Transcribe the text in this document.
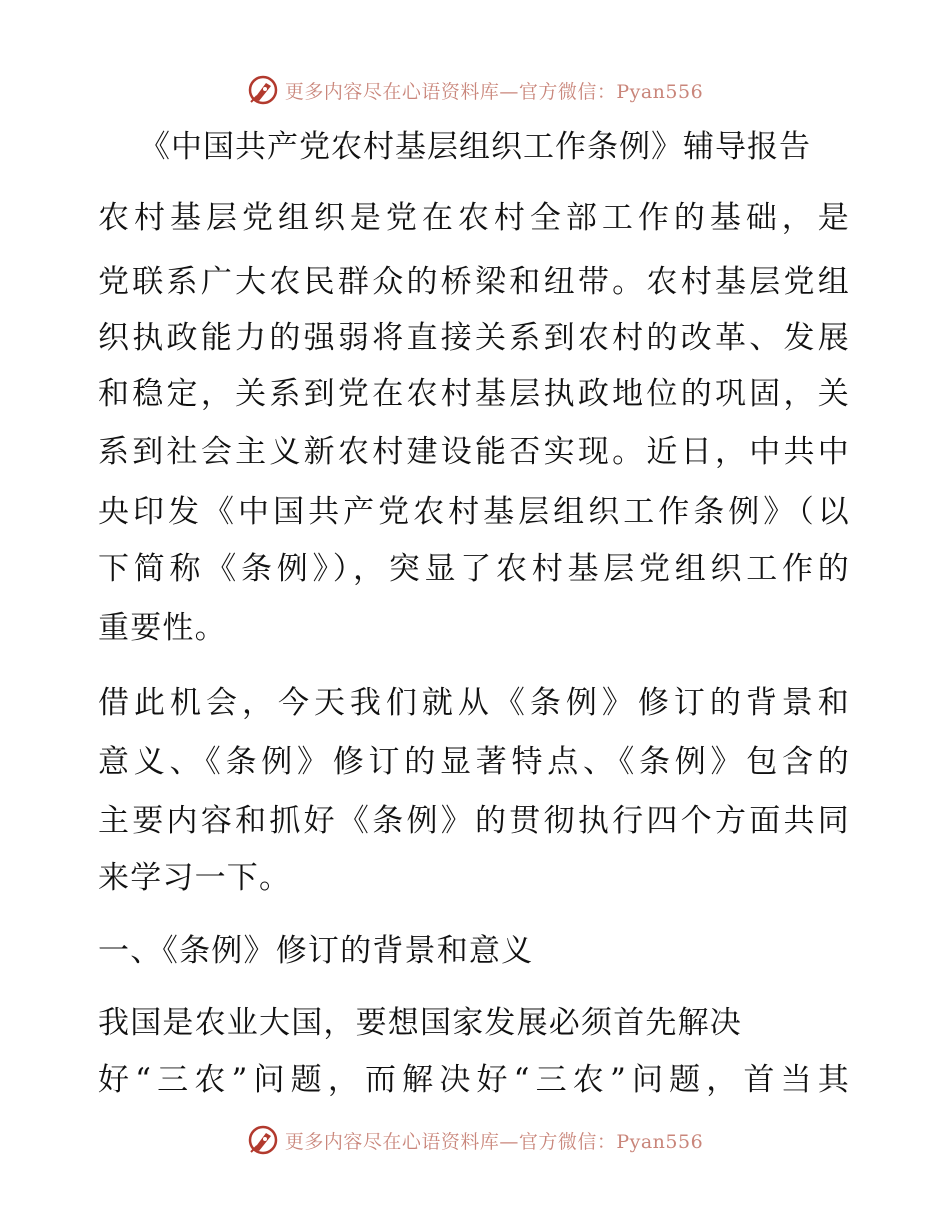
更多内容尽在心语资料库—官方微信：Pyan556
《中国共产党农村基层组织工作条例》辅导报告
农村基层党组织是党在农村全部工作的基础，是
党联系广大农民群众的桥梁和纽带。农村基层党组
织执政能力的强弱将直接关系到农村的改革、发展
和稳定，关系到党在农村基层执政地位的巩固，关
系到社会主义新农村建设能否实现。近日，中共中
央印发《中国共产党农村基层组织工作条例》（以
下简称《条例》），突显了农村基层党组织工作的
重要性。
借此机会，今天我们就从《条例》修订的背景和
意义、《条例》修订的显著特点、《条例》包含的
主要内容和抓好《条例》的贯彻执行四个方面共同
来学习一下。
一、《条例》修订的背景和意义
我国是农业大国，要想国家发展必须首先解决
好“三农”问题，而解决好“三农”问题，首当其
更多内容尽在心语资料库—官方微信：Pyan556
